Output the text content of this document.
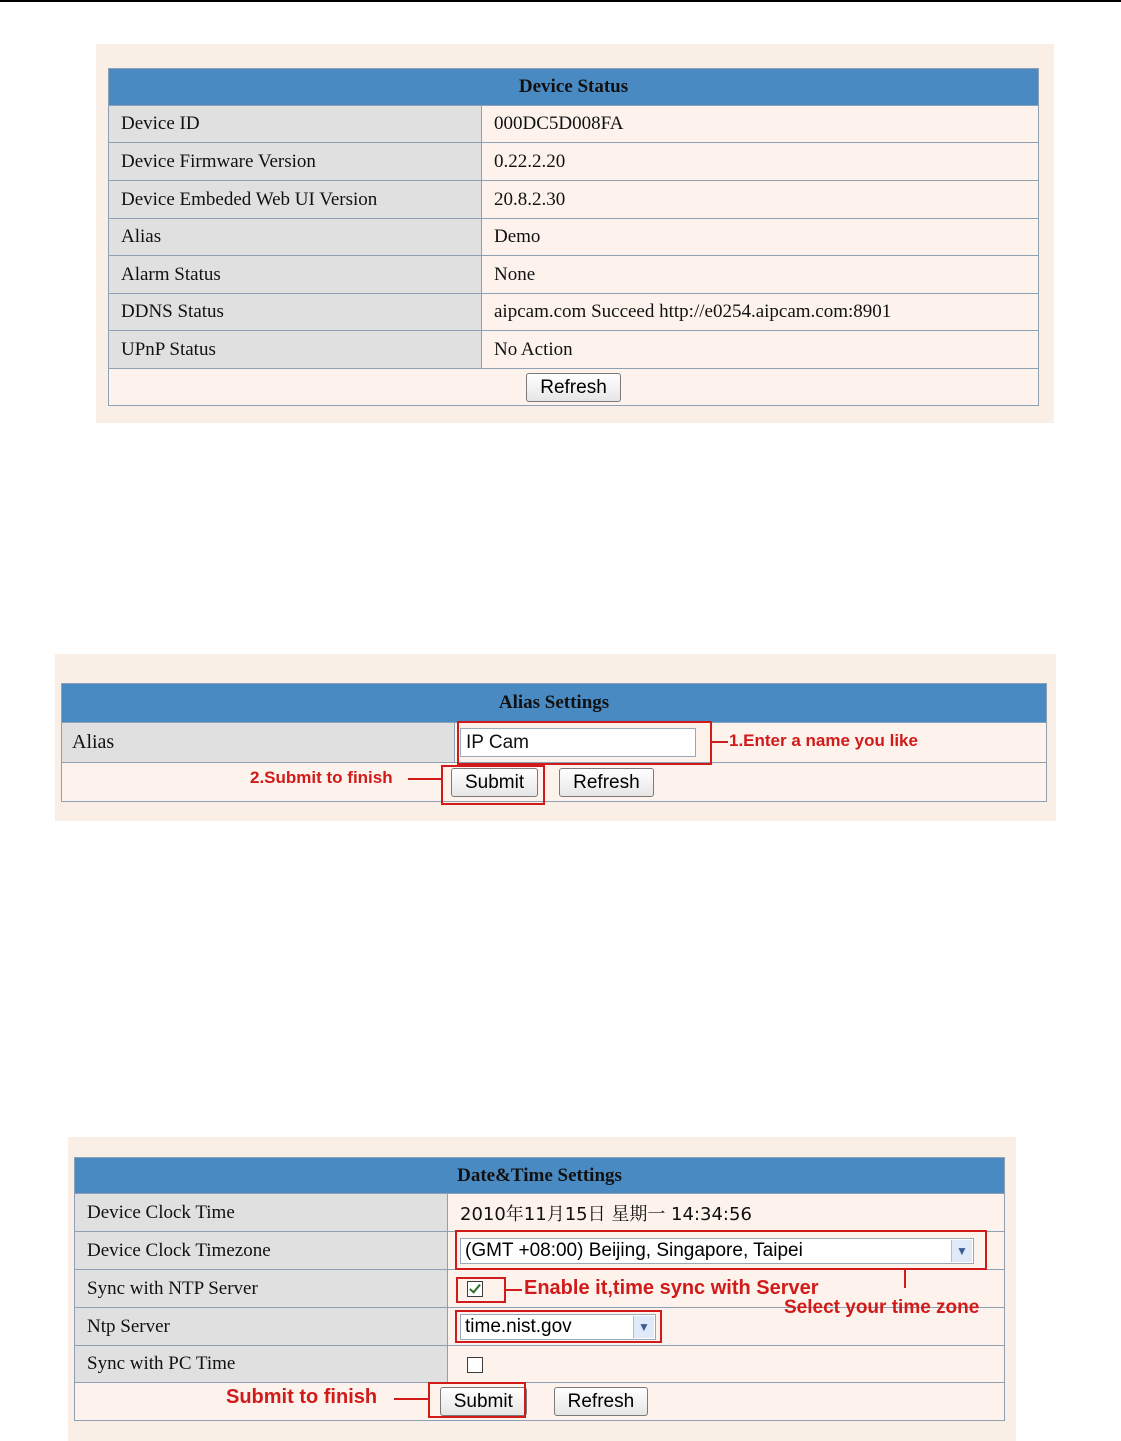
Device Status	
Device ID	000DC5D008FA
Device Firmware Version	0.22.2.20
Device Embeded Web UI Version	20.8.2.30
Alias	Demo
Alarm Status	None
DDNS Status	aipcam.com Succeed http://e0254.aipcam.com:8901
UPnP Status	No Action
Refresh	
Alias Settings
Alias	IP Cam
Submit	Refresh
1.Enter a name you like
2.Submit to finish
Date&Time Settings	
Device Clock Time	2010年11月15日 星期一 14:34:56
Device Clock Timezone	(GMT +08:00) Beijing, Singapore, Taipei ▼

Sync with NTP Server	
Ntp Server	time.nist.gov ▼

Sync with PC Time	
Submit Refresh	
Select your time zone
Enable it,time sync with Server
Submit to finish
